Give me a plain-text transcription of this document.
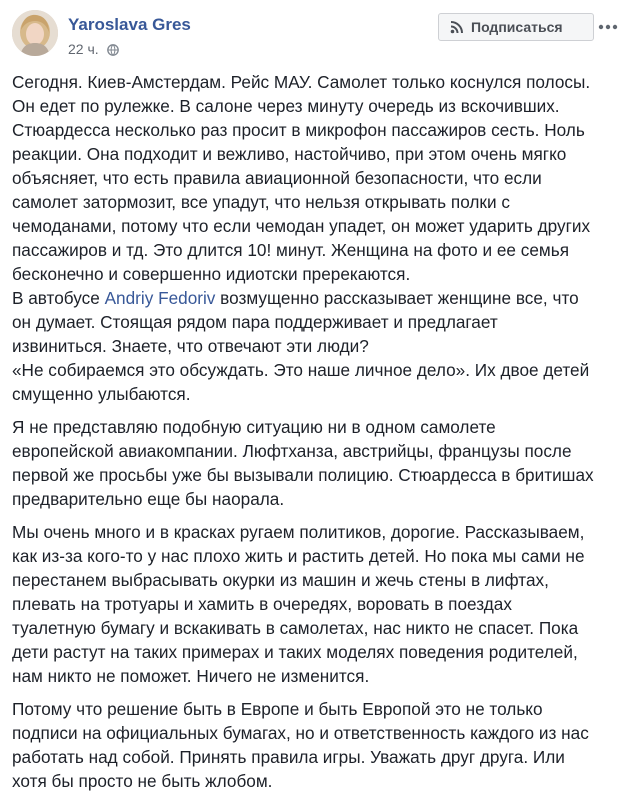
Yaroslava Gres
22 ч.
Подписаться

Сегодня. Киев-Амстердам. Рейс МАУ. Самолет только коснулся полосы.
Он едет по рулежке. В салоне через минуту очередь из вскочивших.
Стюардесса несколько раз просит в микрофон пассажиров сесть. Ноль
реакции. Она подходит и вежливо, настойчиво, при этом очень мягко
объясняет, что есть правила авиационной безопасности, что если
самолет затормозит, все упадут, что нельзя открывать полки с
чемоданами, потому что если чемодан упадет, он может ударить других
пассажиров и тд. Это длится 10! минут. Женщина на фото и ее семья
бесконечно и совершенно идиотски пререкаются.
В автобусе Andriy Fedoriv возмущенно рассказывает женщине все, что
он думает. Стоящая рядом пара поддерживает и предлагает
извиниться. Знаете, что отвечают эти люди?
«Не собираемся это обсуждать. Это наше личное дело». Их двое детей
смущенно улыбаются.

Я не представляю подобную ситуацию ни в одном самолете
европейской авиакомпании. Люфтханза, австрийцы, французы после
первой же просьбы уже бы вызывали полицию. Стюардесса в бритишах
предварительно еще бы наорала.

Мы очень много и в красках ругаем политиков, дорогие. Рассказываем,
как из-за кого-то у нас плохо жить и растить детей. Но пока мы сами не
перестанем выбрасывать окурки из машин и жечь стены в лифтах,
плевать на тротуары и хамить в очередях, воровать в поездах
туалетную бумагу и вскакивать в самолетах, нас никто не спасет. Пока
дети растут на таких примерах и таких моделях поведения родителей,
нам никто не поможет. Ничего не изменится.

Потому что решение быть в Европе и быть Европой это не только
подписи на официальных бумагах, но и ответственность каждого из нас
работать над собой. Принять правила игры. Уважать друг друга. Или
хотя бы просто не быть жлобом.
